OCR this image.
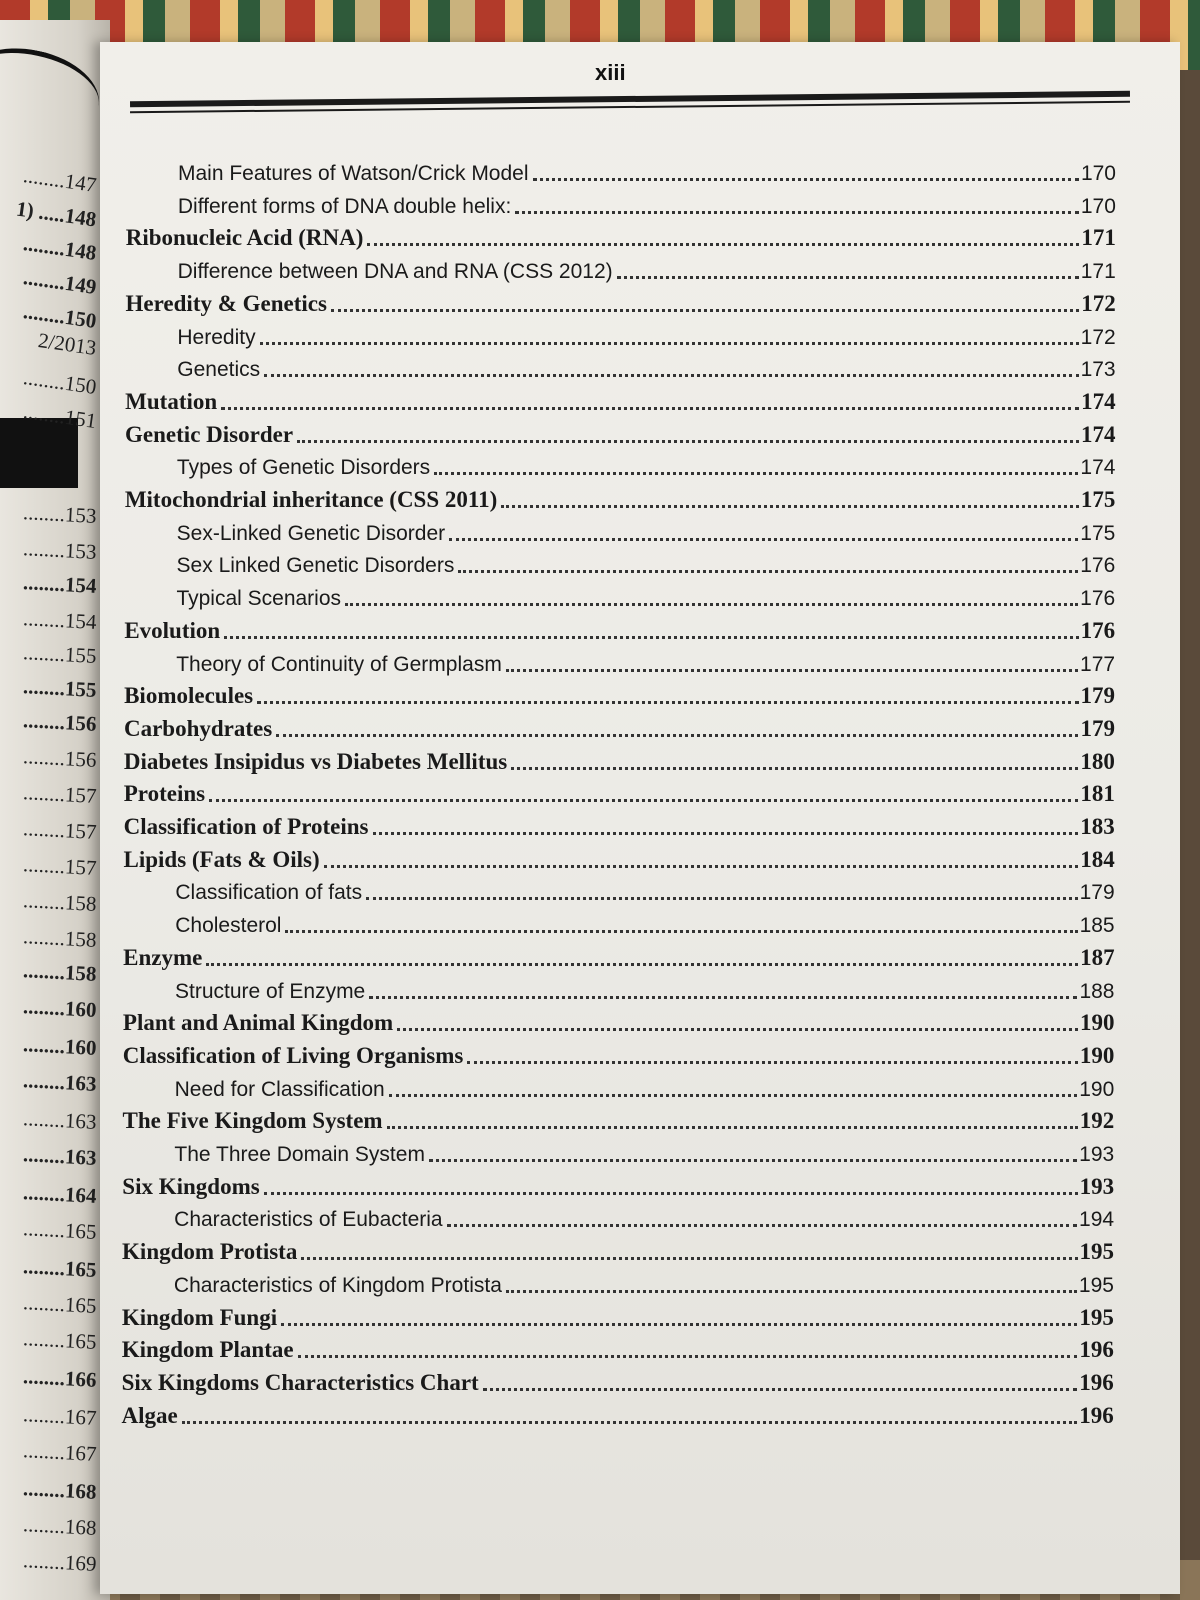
........147
1) .....148
........148
........149
........150
2/2013
........150
........151
........153
........153
........154
........154
........155
........155
........156
........156
........157
........157
........157
........158
........158
........158
........160
........160
........163
........163
........163
........164
........165
........165
........165
........165
........166
........167
........167
........168
........168
........169
xiii
Main Features of Watson/Crick Model	170
Different forms of DNA double helix:	170
Ribonucleic Acid (RNA)	171
Difference between DNA and RNA (CSS 2012)	171
Heredity & Genetics	172
Heredity	172
Genetics	173
Mutation	174
Genetic Disorder	174
Types of Genetic Disorders	174
Mitochondrial inheritance (CSS 2011)	175
Sex-Linked Genetic Disorder	175
Sex Linked Genetic Disorders	176
Typical Scenarios	176
Evolution	176
Theory of Continuity of Germplasm	177
Biomolecules	179
Carbohydrates	179
Diabetes Insipidus vs Diabetes Mellitus	180
Proteins	181
Classification of Proteins	183
Lipids (Fats & Oils)	184
Classification of fats	179
Cholesterol	185
Enzyme	187
Structure of Enzyme	188
Plant and Animal Kingdom	190
Classification of Living Organisms	190
Need for Classification	190
The Five Kingdom System	192
The Three Domain System	193
Six Kingdoms	193
Characteristics of Eubacteria	194
Kingdom Protista	195
Characteristics of Kingdom Protista	195
Kingdom Fungi	195
Kingdom Plantae	196
Six Kingdoms Characteristics Chart	196
Algae	196
